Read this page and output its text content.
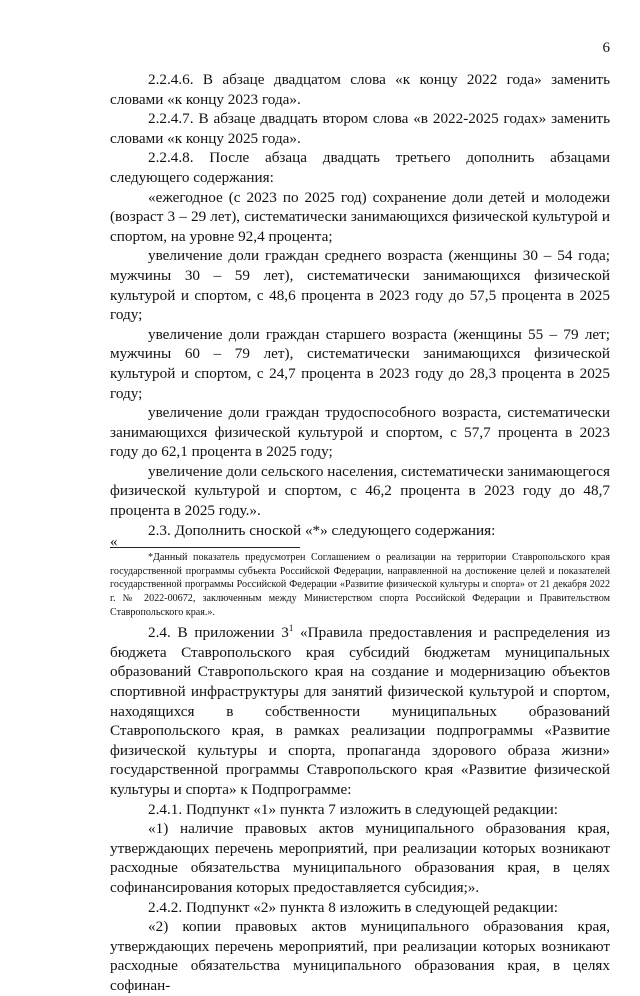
6

2.2.4.6. В абзаце двадцатом слова «к концу 2022 года» заменить словами «к концу 2023 года».

2.2.4.7. В абзаце двадцать втором слова «в 2022-2025 годах» заменить словами «к концу 2025 года».

2.2.4.8. После абзаца двадцать третьего дополнить абзацами следующего содержания:

«ежегодное (с 2023 по 2025 год) сохранение доли детей и молодежи (возраст 3 – 29 лет), систематически занимающихся физической культурой и спортом, на уровне 92,4 процента;

увеличение доли граждан среднего возраста (женщины 30 – 54 года; мужчины 30 – 59 лет), систематически занимающихся физической культурой и спортом, с 48,6 процента в 2023 году до 57,5 процента в 2025 году;

увеличение доли граждан старшего возраста (женщины 55 – 79 лет; мужчины 60 – 79 лет), систематически занимающихся физической культурой и спортом, с 24,7 процента в 2023 году до 28,3 процента в 2025 году;

увеличение доли граждан трудоспособного возраста, систематически занимающихся физической культурой и спортом, с 57,7 процента в 2023 году до 62,1 процента в 2025 году;

увеличение доли сельского населения, систематически занимающегося физической культурой и спортом, с 46,2 процента в 2023 году до 48,7 процента в 2025 году.».

2.3. Дополнить сноской «*» следующего содержания:

«

*Данный показатель предусмотрен Соглашением о реализации на территории Ставропольского края государственной программы субъекта Российской Федерации, направленной на достижение целей и показателей государственной программы Российской Федерации «Развитие физической культуры и спорта» от 21 декабря 2022 г. № 2022-00672, заключенным между Министерством спорта Российской Федерации и Правительством Ставропольского края.».

2.4. В приложении $3^1$ «Правила предоставления и распределения из бюджета Ставропольского края субсидий бюджетам муниципальных образований Ставропольского края на создание и модернизацию объектов спортивной инфраструктуры для занятий физической культурой и спортом, находящихся в собственности муниципальных образований Ставропольского края, в рамках реализации подпрограммы «Развитие физической культуры и спорта, пропаганда здорового образа жизни» государственной программы Ставропольского края «Развитие физической культуры и спорта» к Подпрограмме:

2.4.1. Подпункт «1» пункта 7 изложить в следующей редакции:

«1) наличие правовых актов муниципального образования края, утверждающих перечень мероприятий, при реализации которых возникают расходные обязательства муниципального образования края, в целях софинансирования которых предоставляется субсидия;».

2.4.2. Подпункт «2» пункта 8 изложить в следующей редакции:

«2) копии правовых актов муниципального образования края, утверждающих перечень мероприятий, при реализации которых возникают расходные обязательства муниципального образования края, в целях софинан-
